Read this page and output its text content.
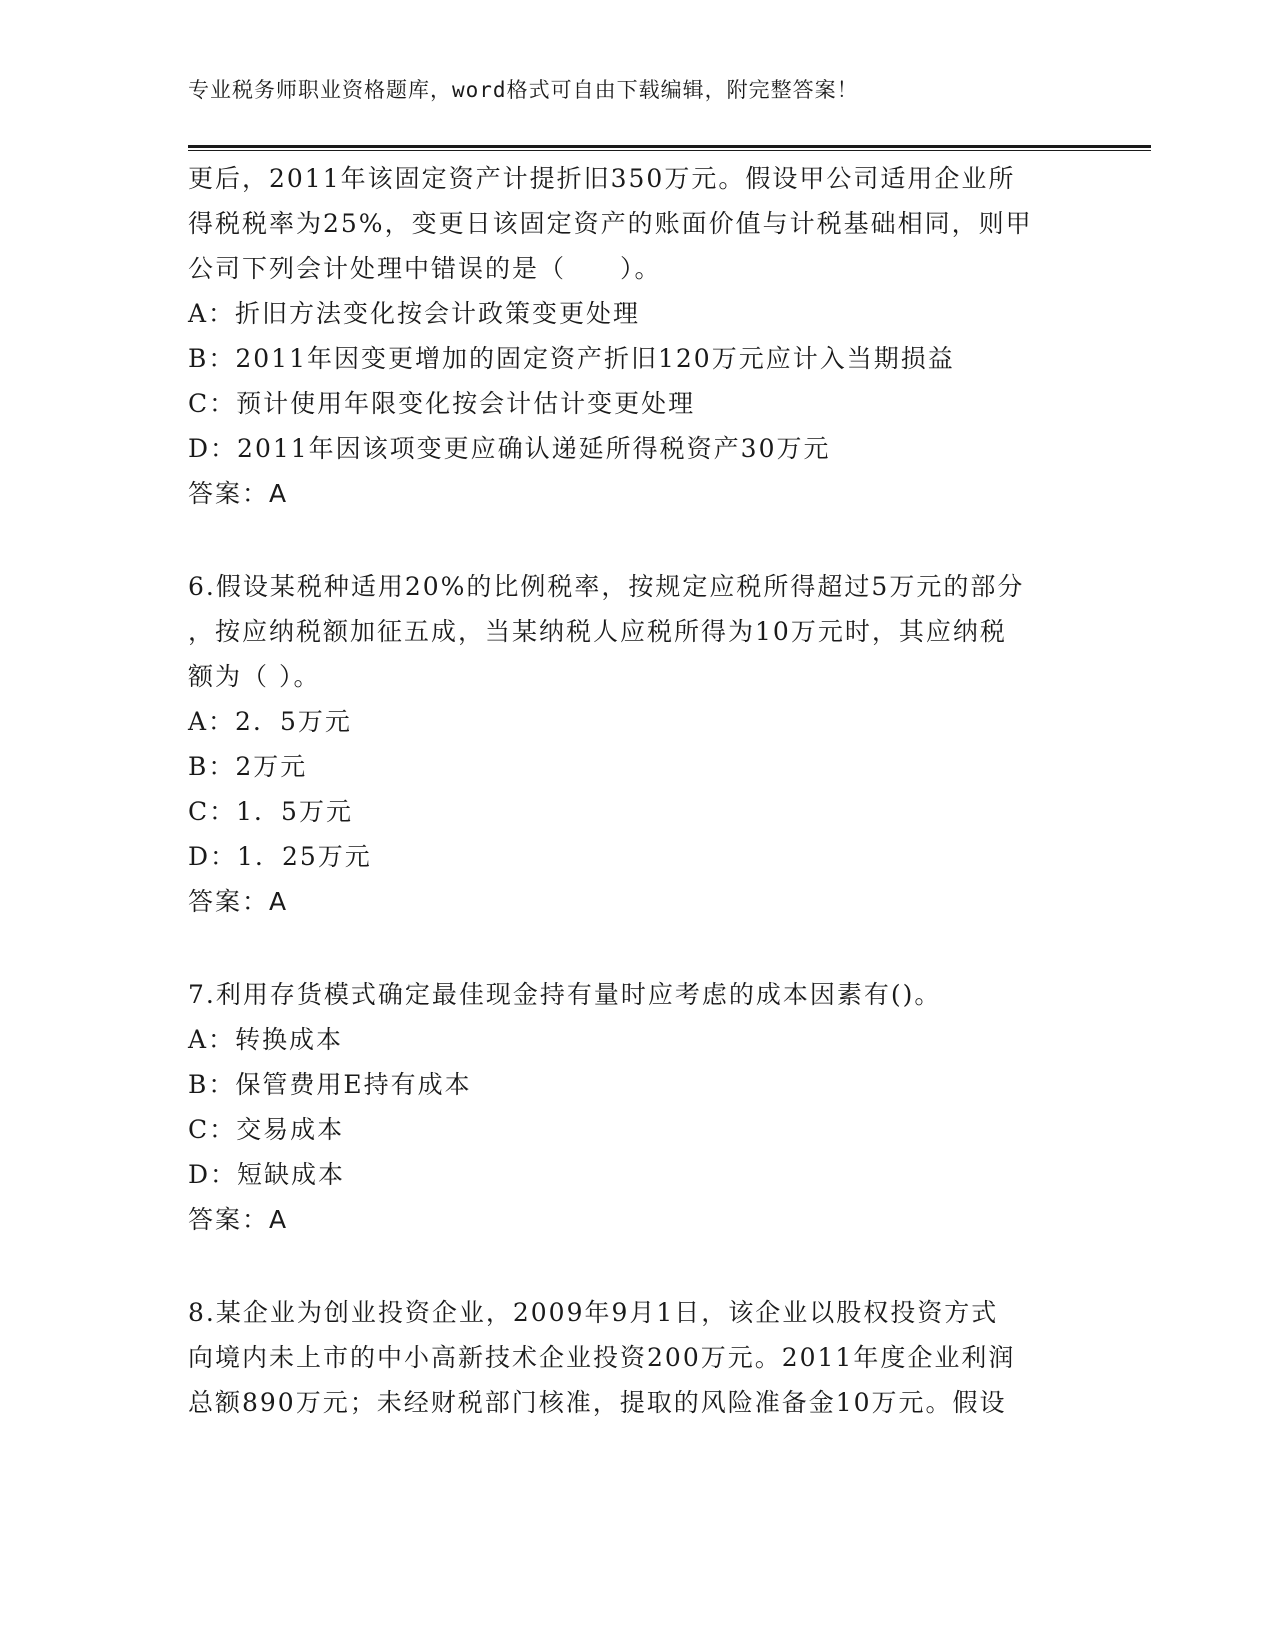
专业税务师职业资格题库，word格式可自由下载编辑，附完整答案！
更后，2011年该固定资产计提折旧350万元。假设甲公司适用企业所
得税税率为25%，变更日该固定资产的账面价值与计税基础相同，则甲
公司下列会计处理中错误的是（　　）。
A：折旧方法变化按会计政策变更处理
B：2011年因变更增加的固定资产折旧120万元应计入当期损益
C：预计使用年限变化按会计估计变更处理
D：2011年因该项变更应确认递延所得税资产30万元
答案：A
6.假设某税种适用20%的比例税率，按规定应税所得超过5万元的部分
，按应纳税额加征五成，当某纳税人应税所得为10万元时，其应纳税
额为（ ）。
A：2．5万元
B：2万元
C：1．5万元
D：1．25万元
答案：A
7.利用存货模式确定最佳现金持有量时应考虑的成本因素有()。
A：转换成本
B：保管费用E持有成本
C：交易成本
D：短缺成本
答案：A
8.某企业为创业投资企业，2009年9月1日，该企业以股权投资方式
向境内未上市的中小高新技术企业投资200万元。2011年度企业利润
总额890万元；未经财税部门核准，提取的风险准备金10万元。假设
